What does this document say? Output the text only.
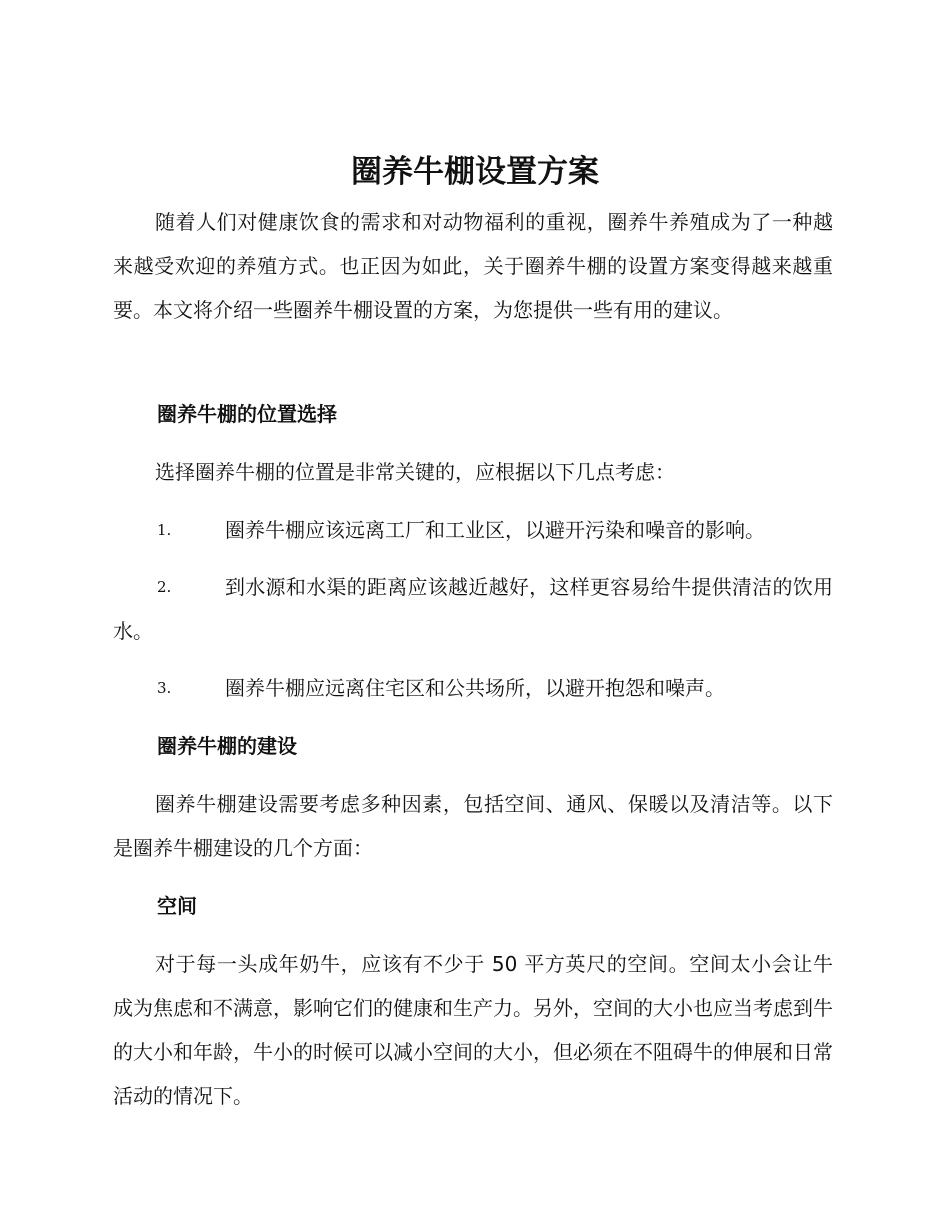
圈养牛棚设置方案

随着人们对健康饮食的需求和对动物福利的重视，圈养牛养殖成为了一种越来越受欢迎的养殖方式。也正因为如此，关于圈养牛棚的设置方案变得越来越重要。本文将介绍一些圈养牛棚设置的方案，为您提供一些有用的建议。

圈养牛棚的位置选择

选择圈养牛棚的位置是非常关键的，应根据以下几点考虑：

1.	圈养牛棚应该远离工厂和工业区，以避开污染和噪音的影响。

2.	到水源和水渠的距离应该越近越好，这样更容易给牛提供清洁的饮用水。

3.	圈养牛棚应远离住宅区和公共场所，以避开抱怨和噪声。

圈养牛棚的建设

圈养牛棚建设需要考虑多种因素，包括空间、通风、保暖以及清洁等。以下是圈养牛棚建设的几个方面：

空间

对于每一头成年奶牛，应该有不少于 50 平方英尺的空间。空间太小会让牛成为焦虑和不满意，影响它们的健康和生产力。另外，空间的大小也应当考虑到牛的大小和年龄，牛小的时候可以减小空间的大小，但必须在不阻碍牛的伸展和日常活动的情况下。
